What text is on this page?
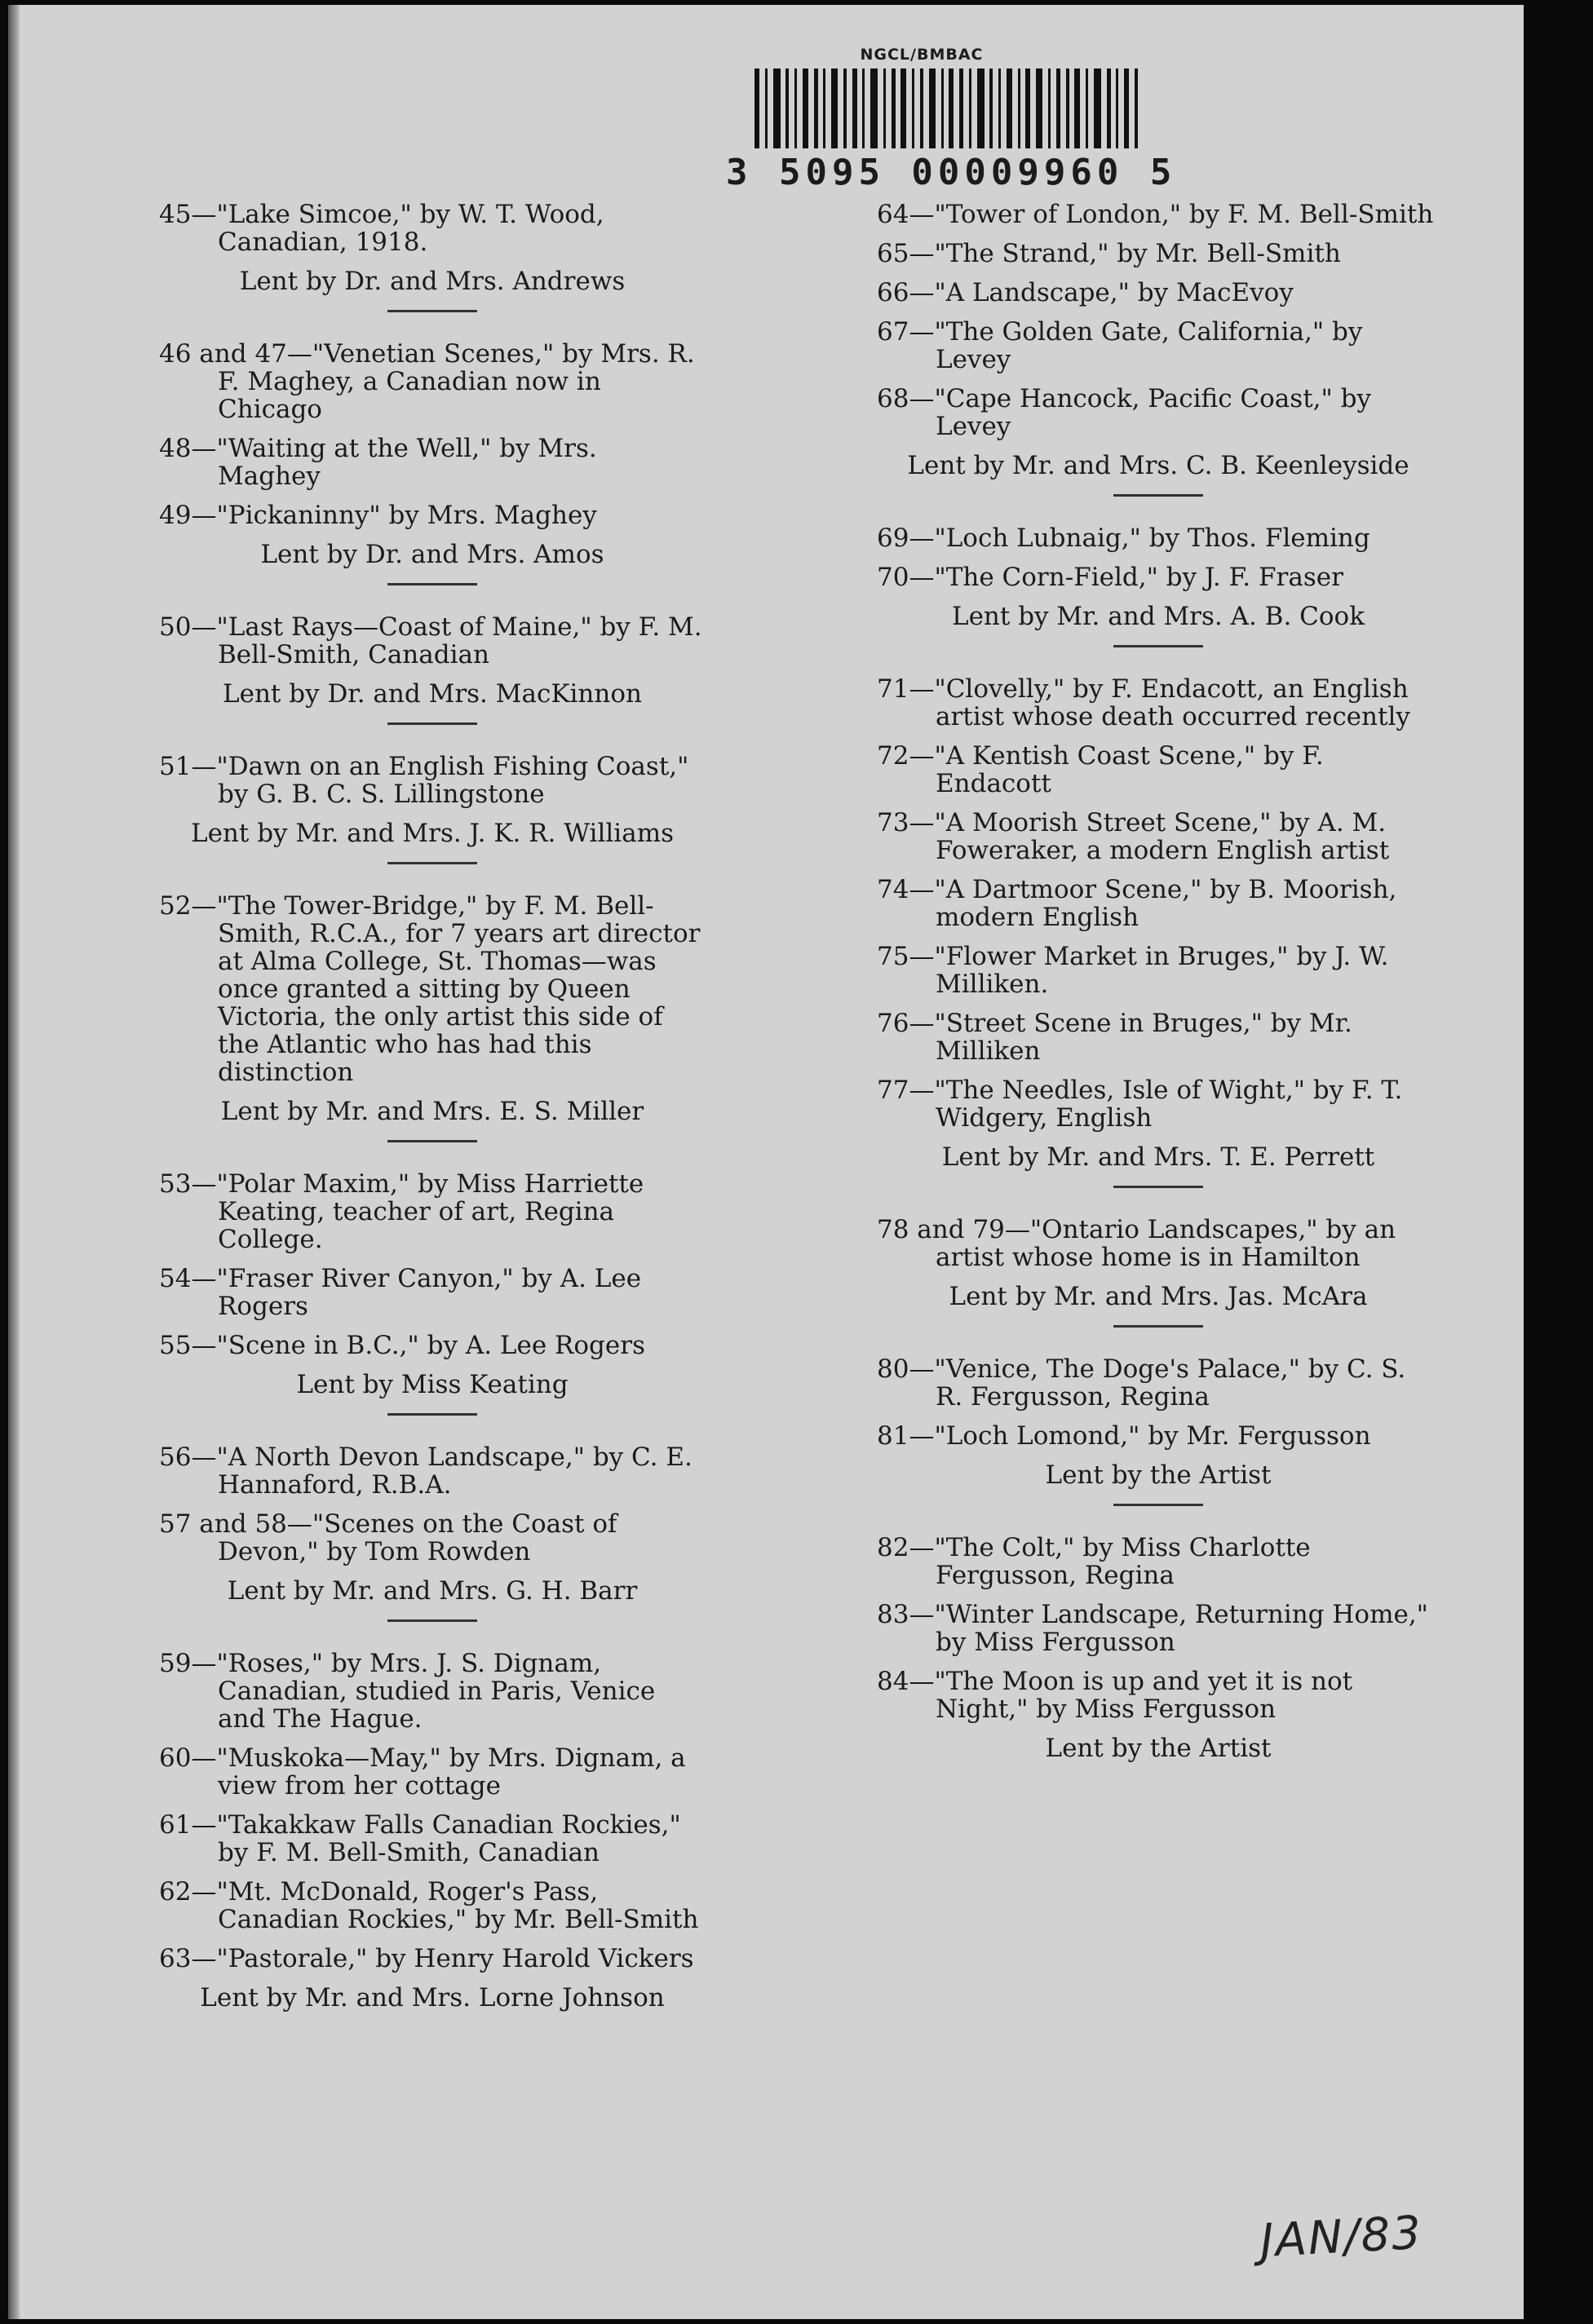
NGCL/BMBAC
3 5095 00009960 5
45—"Lake Simcoe," by W. T. Wood, Canadian, 1918.
Lent by Dr. and Mrs. Andrews
46 and 47—"Venetian Scenes," by Mrs. R. F. Maghey, a Canadian now in Chicago
48—"Waiting at the Well," by Mrs. Maghey
49—"Pickaninny" by Mrs. Maghey
Lent by Dr. and Mrs. Amos
50—"Last Rays—Coast of Maine," by F. M. Bell-Smith, Canadian
Lent by Dr. and Mrs. MacKinnon
51—"Dawn on an English Fishing Coast," by G. B. C. S. Lillingstone
Lent by Mr. and Mrs. J. K. R. Williams
52—"The Tower-Bridge," by F. M. Bell-Smith, R.C.A., for 7 years art director at Alma College, St. Thomas—was once granted a sitting by Queen Victoria, the only artist this side of the Atlantic who has had this distinction
Lent by Mr. and Mrs. E. S. Miller
53—"Polar Maxim," by Miss Harriette Keating, teacher of art, Regina College.
54—"Fraser River Canyon," by A. Lee Rogers
55—"Scene in B.C.," by A. Lee Rogers
Lent by Miss Keating
56—"A North Devon Landscape," by C. E. Hannaford, R.B.A.
57 and 58—"Scenes on the Coast of Devon," by Tom Rowden
Lent by Mr. and Mrs. G. H. Barr
59—"Roses," by Mrs. J. S. Dignam, Canadian, studied in Paris, Venice and The Hague.
60—"Muskoka—May," by Mrs. Dignam, a view from her cottage
61—"Takakkaw Falls Canadian Rockies," by F. M. Bell-Smith, Canadian
62—"Mt. McDonald, Roger's Pass, Canadian Rockies," by Mr. Bell-Smith
63—"Pastorale," by Henry Harold Vickers
Lent by Mr. and Mrs. Lorne Johnson
64—"Tower of London," by F. M. Bell-Smith
65—"The Strand," by Mr. Bell-Smith
66—"A Landscape," by MacEvoy
67—"The Golden Gate, California," by Levey
68—"Cape Hancock, Pacific Coast," by Levey
Lent by Mr. and Mrs. C. B. Keenleyside
69—"Loch Lubnaig," by Thos. Fleming
70—"The Corn-Field," by J. F. Fraser
Lent by Mr. and Mrs. A. B. Cook
71—"Clovelly," by F. Endacott, an English artist whose death occurred recently
72—"A Kentish Coast Scene," by F. Endacott
73—"A Moorish Street Scene," by A. M. Foweraker, a modern English artist
74—"A Dartmoor Scene," by B. Moorish, modern English
75—"Flower Market in Bruges," by J. W. Milliken.
76—"Street Scene in Bruges," by Mr. Milliken
77—"The Needles, Isle of Wight," by F. T. Widgery, English
Lent by Mr. and Mrs. T. E. Perrett
78 and 79—"Ontario Landscapes," by an artist whose home is in Hamilton
Lent by Mr. and Mrs. Jas. McAra
80—"Venice, The Doge's Palace," by C. S. R. Fergusson, Regina
81—"Loch Lomond," by Mr. Fergusson
Lent by the Artist
82—"The Colt," by Miss Charlotte Fergusson, Regina
83—"Winter Landscape, Returning Home," by Miss Fergusson
84—"The Moon is up and yet it is not Night," by Miss Fergusson
Lent by the Artist
JAN/83
